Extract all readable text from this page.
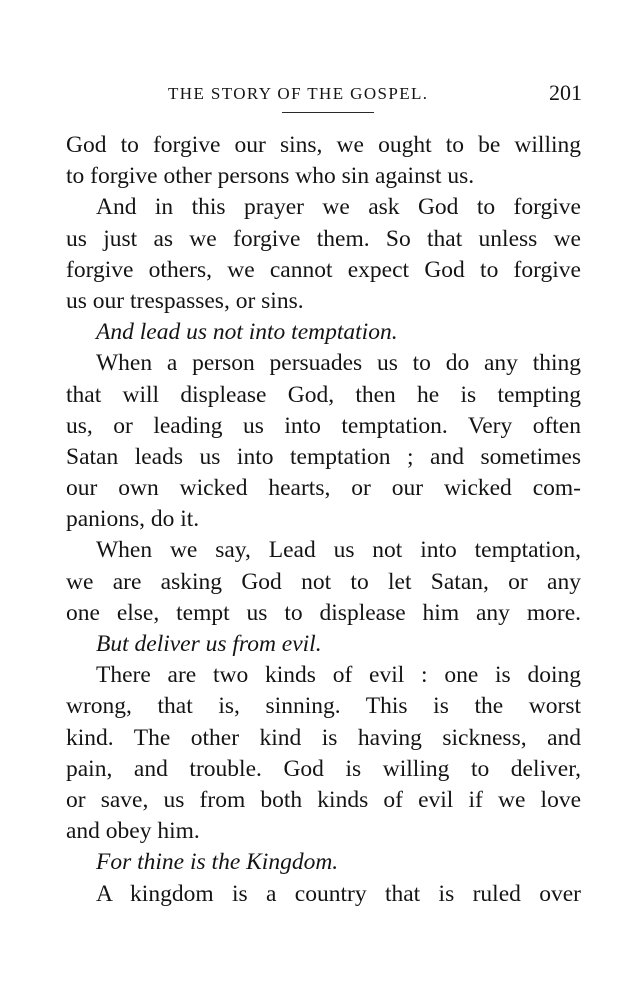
THE STORY OF THE GOSPEL.	201
God to forgive our sins, we ought to be willing
to forgive other persons who sin against us.
And in this prayer we ask God to forgive
us just as we forgive them. So that unless we
forgive others, we cannot expect God to forgive
us our trespasses, or sins.
And lead us not into temptation.
When a person persuades us to do any thing
that will displease God, then he is tempting
us, or leading us into temptation. Very often
Satan leads us into temptation ; and sometimes
our own wicked hearts, or our wicked com-
panions, do it.
When we say, Lead us not into temptation,
we are asking God not to let Satan, or any
one else, tempt us to displease him any more.
But deliver us from evil.
There are two kinds of evil : one is doing
wrong, that is, sinning. This is the worst
kind. The other kind is having sickness, and
pain, and trouble. God is willing to deliver,
or save, us from both kinds of evil if we love
and obey him.
For thine is the Kingdom.
A kingdom is a country that is ruled over
